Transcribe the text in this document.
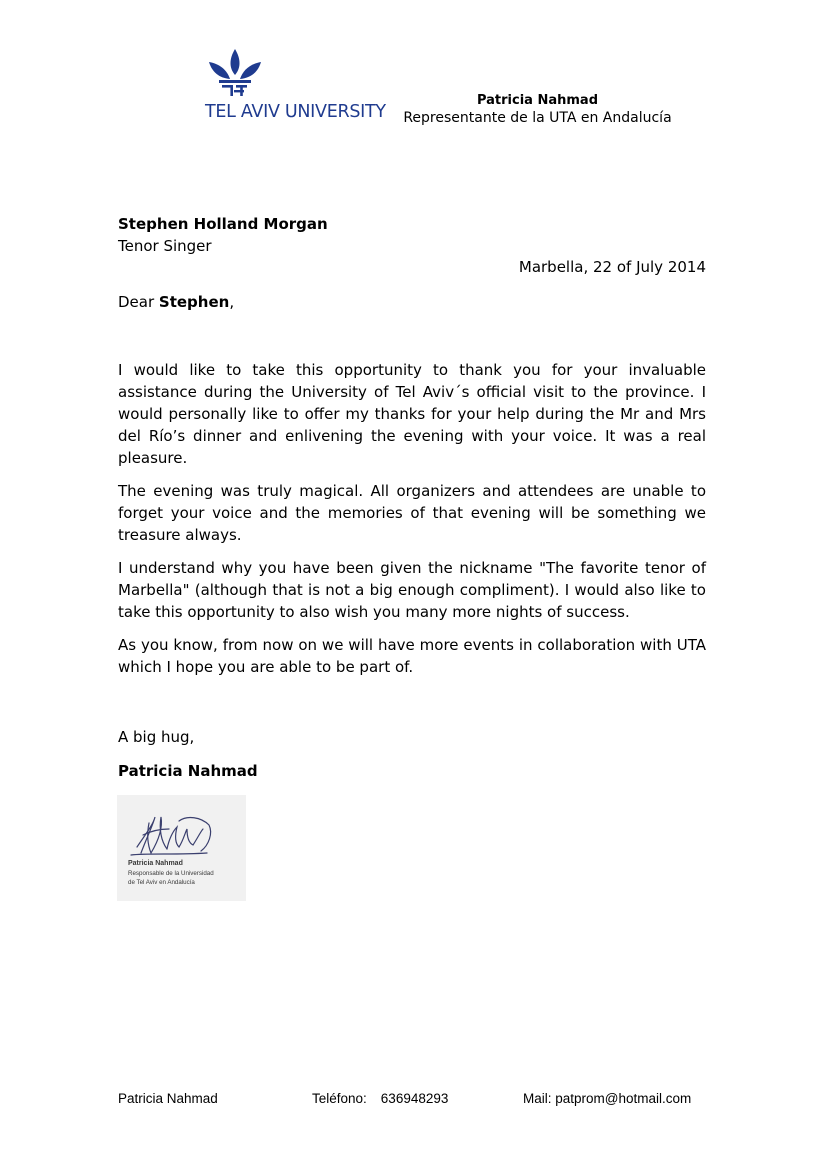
TEL AVIV UNIVERSITY
Patricia Nahmad
Representante de la UTA en Andalucía
Stephen Holland Morgan
Tenor Singer
Marbella, 22 of July 2014
Dear Stephen,

I would like to take this opportunity to thank you for your invaluable assistance during the University of Tel Aviv´s official visit to the province. I would personally like to offer my thanks for your help during the Mr and Mrs del Río’s dinner and enlivening the evening with your voice. It was a real pleasure.

The evening was truly magical. All organizers and attendees are unable to forget your voice and the memories of that evening will be something we treasure always.

I understand why you have been given the nickname "The favorite tenor of Marbella" (although that is not a big enough compliment). I would also like to take this opportunity to also wish you many more nights of success.

As you know, from now on we will have more events in collaboration with UTA which I hope you are able to be part of.

A big hug,
Patricia Nahmad
Patricia Nahmad
Responsable de la Universidad
de Tel Aviv en Andalucía
Patricia Nahmad	Teléfono: 636948293	Mail: patprom@hotmail.com
